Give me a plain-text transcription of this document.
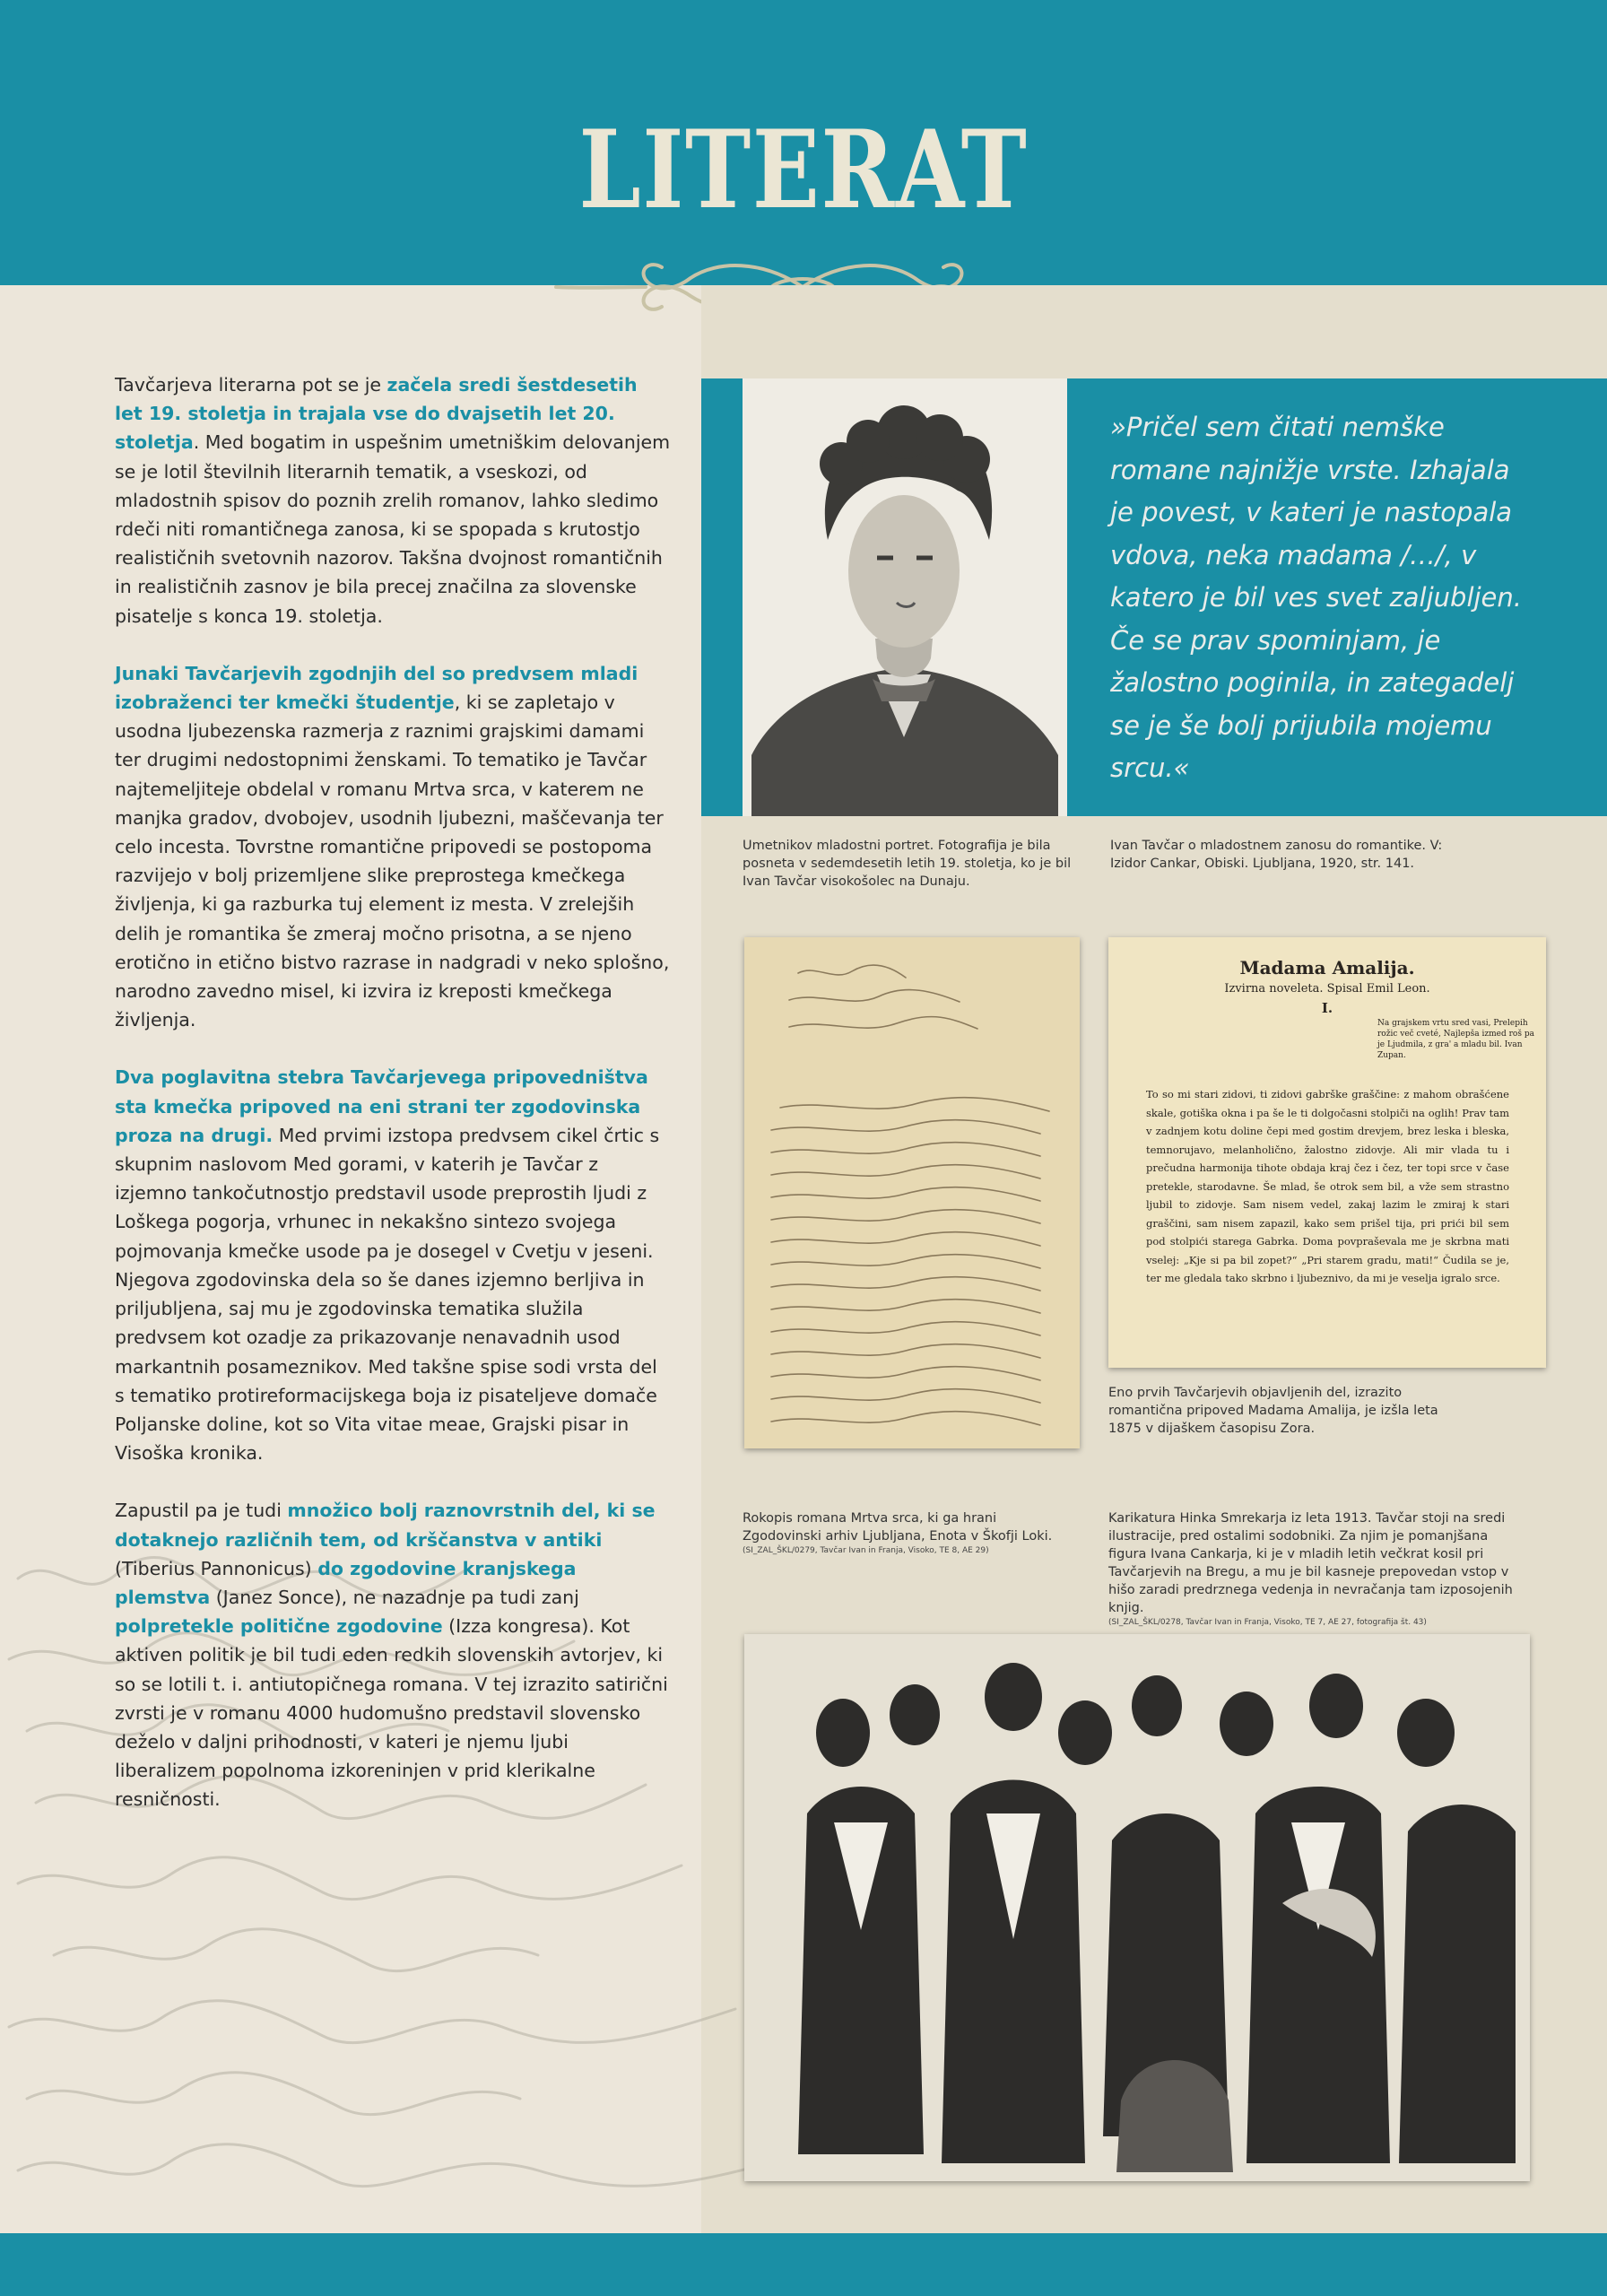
LITERAT

Tavčarjeva literarna pot se je začela sredi šestdesetih let 19. stoletja in trajala vse do dvajsetih let 20. stoletja. Med bogatim in uspešnim umetniškim delovanjem se je lotil številnih literarnih tematik, a vseskozi, od mladostnih spisov do poznih zrelih romanov, lahko sledimo rdeči niti romantičnega zanosa, ki se spopada s krutostjo realističnih svetovnih nazorov. Takšna dvojnost romantičnih in realističnih zasnov je bila precej značilna za slovenske pisatelje s konca 19. stoletja.

Junaki Tavčarjevih zgodnjih del so predvsem mladi izobraženci ter kmečki študentje, ki se zapletajo v usodna ljubezenska razmerja z raznimi grajskimi damami ter drugimi nedostopnimi ženskami. To tematiko je Tavčar najtemeljiteje obdelal v romanu Mrtva srca, v katerem ne manjka gradov, dvobojev, usodnih ljubezni, maščevanja ter celo incesta. Tovrstne romantične pripovedi se postopoma razvijejo v bolj prizemljene slike preprostega kmečkega življenja, ki ga razburka tuj element iz mesta. V zrelejših delih je romantika še zmeraj močno prisotna, a se njeno erotično in etično bistvo razrase in nadgradi v neko splošno, narodno zavedno misel, ki izvira iz kreposti kmečkega življenja.

Dva poglavitna stebra Tavčarjevega pripovedništva sta kmečka pripoved na eni strani ter zgodovinska proza na drugi. Med prvimi izstopa predvsem cikel črtic s skupnim naslovom Med gorami, v katerih je Tavčar z izjemno tankočutnostjo predstavil usode preprostih ljudi z Loškega pogorja, vrhunec in nekakšno sintezo svojega pojmovanja kmečke usode pa je dosegel v Cvetju v jeseni. Njegova zgodovinska dela so še danes izjemno berljiva in priljubljena, saj mu je zgodovinska tematika služila predvsem kot ozadje za prikazovanje nenavadnih usod markantnih posameznikov. Med takšne spise sodi vrsta del s tematiko protireformacijskega boja iz pisateljeve domače Poljanske doline, kot so Vita vitae meae, Grajski pisar in Visoška kronika.

Zapustil pa je tudi množico bolj raznovrstnih del, ki se dotaknejo različnih tem, od krščanstva v antiki (Tiberius Pannonicus) do zgodovine kranjskega plemstva (Janez Sonce), ne nazadnje pa tudi zanj polpretekle politične zgodovine (Izza kongresa). Kot aktiven politik je bil tudi eden redkih slovenskih avtorjev, ki so se lotili t. i. antiutopičnega romana. V tej izrazito satirični zvrsti je v romanu 4000 hudomušno predstavil slovensko deželo v daljni prihodnosti, v kateri je njemu ljubi liberalizem popolnoma izkoreninjen v prid klerikalne resničnosti.

»Pričel sem čitati nemške romane najnižje vrste. Izhajala je povest, v kateri je nastopala vdova, neka madama /…/, v katero je bil ves svet zaljubljen. Če se prav spominjam, je žalostno poginila, in zategadelj se je še bolj prijubila mojemu srcu.«
Umetnikov mladostni portret. Fotografija je bila posneta v sedemdesetih letih 19. stoletja, ko je bil Ivan Tavčar visokošolec na Dunaju.
Ivan Tavčar o mladostnem zanosu do romantike. V: Izidor Cankar, Obiski. Ljubljana, 1920, str. 141.
Madama Amalija.
Izvirna noveleta. Spisal Emil Leon.
I.
Na grajskem vrtu sred vasi, Prelepih rožic več cveté, Najlepša izmed roš pa je Ljudmila, z grа' a mladu bil. Ivan Zupan.
To so mi stari zidovi, ti zidovi gabrške graščine: z mahom obrašćene skale, gotiška okna i pa še le ti dolgočasni stolpiči na oglih! Prav tam v zadnjem kotu doline čepi med gostim drevjem, brez leska i bleska, temnorujavo, melanholično, žalostno zidovje. Ali mir vlada tu i prečudna harmonija tihote obdaja krаj čez i čez, ter topi srce v čase pretekle, starodavne. Še mlad, še otrok sem bil, a vže sem strastno ljubil to zidovje. Sam nisem vedel, zakaj lazim le zmiraj k stari graščini, sam nisem zapazil, kako sem prišel tija, pri prići bil sem pod stolpići starega Gabrka. Doma povpraševala me je skrbna mati vselej: „Kje si pa bil zopet?“ „Pri starem gradu, mati!“ Čudila se je, ter me gledala tako skrbno i ljubeznivo, da mi je veselja igralo srce.
Eno prvih Tavčarjevih objavljenih del, izrazito romantična pripoved Madama Amalija, je izšla leta 1875 v dijaškem časopisu Zora.
Rokopis romana Mrtva srca, ki ga hrani Zgodovinski arhiv Ljubljana, Enota v Škofji Loki.
(SI_ZAL_ŠKL/0279, Tavčar Ivan in Franja, Visoko, TE 8, AE 29)
Karikatura Hinka Smrekarja iz leta 1913. Tavčar stoji na sredi ilustracije, pred ostalimi sodobniki. Za njim je pomanjšana figura Ivana Cankarja, ki je v mladih letih večkrat kosil pri Tavčarjevih na Bregu, a mu je bil kasneje prepovedan vstop v hišo zaradi predrznega vedenja in nevračanja tam izposojenih knjig.
(SI_ZAL_ŠKL/0278, Tavčar Ivan in Franja, Visoko, TE 7, AE 27, fotografija št. 43)
